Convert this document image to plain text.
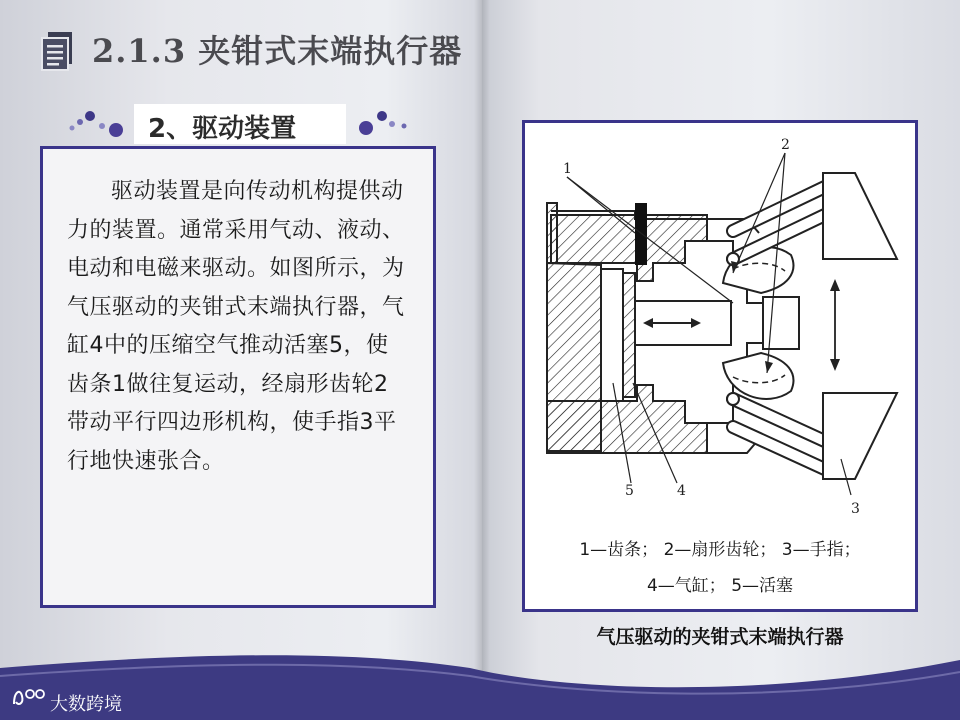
2.1.3 夹钳式末端执行器
2、驱动装置
驱动装置是向传动机构提供动力的装置。通常采用气动、液动、电动和电磁来驱动。如图所示，为气压驱动的夹钳式末端执行器，气缸4中的压缩空气推动活塞5，使齿条1做往复运动，经扇形齿轮2带动平行四边形机构，使手指3平行地快速张合。
1
2
3
4
5
1—齿条； 2—扇形齿轮； 3—手指；
4—气缸； 5—活塞
气压驱动的夹钳式末端执行器
大数跨境
